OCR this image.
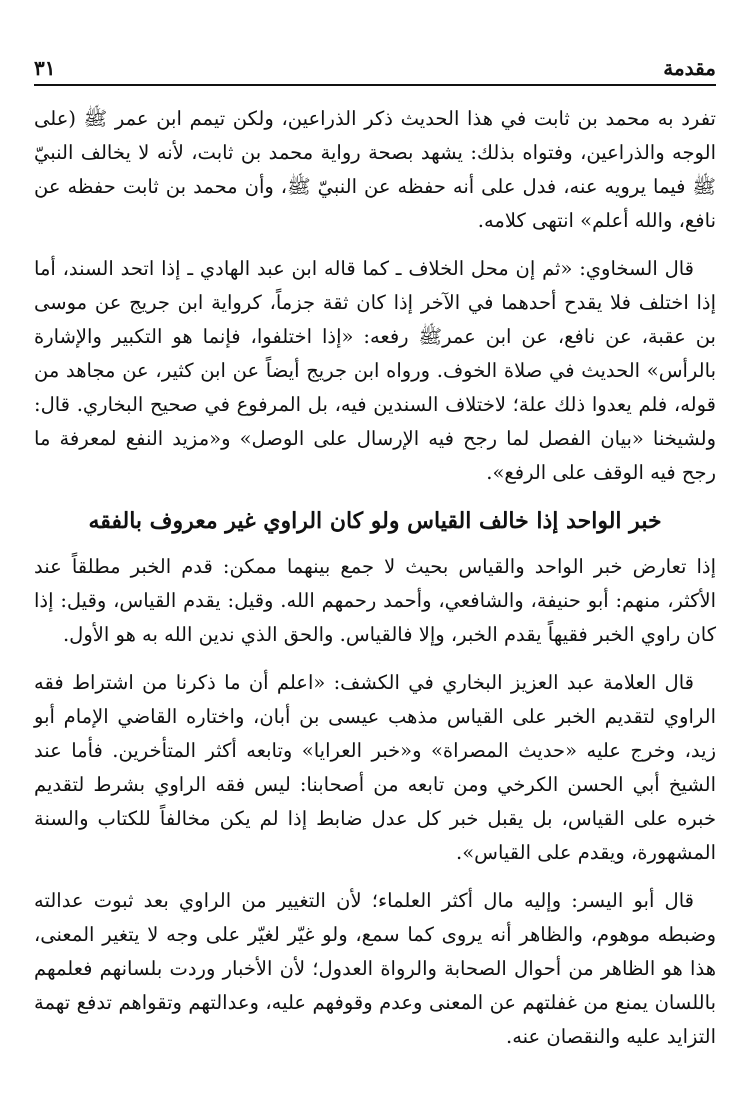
مقدمة
٣١

تفرد به محمد بن ثابت في هذا الحديث ذكر الذراعين، ولكن تيمم ابن عمر ﷺ (على الوجه والذراعين، وفتواه بذلك: يشهد بصحة رواية محمد بن ثابت، لأنه لا يخالف النبيّ ﷺ فيما يرويه عنه، فدل على أنه حفظه عن النبيّ ﷺ، وأن محمد بن ثابت حفظه عن نافع، والله أعلم» انتهى كلامه.

قال السخاوي: «ثم إن محل الخلاف ـ كما قاله ابن عبد الهادي ـ إذا اتحد السند، أما إذا اختلف فلا يقدح أحدهما في الآخر إذا كان ثقة جزماً، كرواية ابن جريج عن موسى بن عقبة، عن نافع، عن ابن عمرﷺ رفعه: «إذا اختلفوا، فإنما هو التكبير والإشارة بالرأس» الحديث في صلاة الخوف. ورواه ابن جريج أيضاً عن ابن كثير، عن مجاهد من قوله، فلم يعدوا ذلك علة؛ لاختلاف السندين فيه، بل المرفوع في صحيح البخاري. قال: ولشيخنا «بيان الفصل لما رجح فيه الإرسال على الوصل» و«مزيد النفع لمعرفة ما رجح فيه الوقف على الرفع».

خبر الواحد إذا خالف القياس ولو كان الراوي غير معروف بالفقه

إذا تعارض خبر الواحد والقياس بحيث لا جمع بينهما ممكن: قدم الخبر مطلقاً عند الأكثر، منهم: أبو حنيفة، والشافعي، وأحمد رحمهم الله. وقيل: يقدم القياس، وقيل: إذا كان راوي الخبر فقيهاً يقدم الخبر، وإلا فالقياس. والحق الذي ندين الله به هو الأول.

قال العلامة عبد العزيز البخاري في الكشف: «اعلم أن ما ذكرنا من اشتراط فقه الراوي لتقديم الخبر على القياس مذهب عيسى بن أبان، واختاره القاضي الإمام أبو زيد، وخرج عليه «حديث المصراة» و«خبر العرايا» وتابعه أكثر المتأخرين. فأما عند الشيخ أبي الحسن الكرخي ومن تابعه من أصحابنا: ليس فقه الراوي بشرط لتقديم خبره على القياس، بل يقبل خبر كل عدل ضابط إذا لم يكن مخالفاً للكتاب والسنة المشهورة، ويقدم على القياس».

قال أبو اليسر: وإليه مال أكثر العلماء؛ لأن التغيير من الراوي بعد ثبوت عدالته وضبطه موهوم، والظاهر أنه يروى كما سمع، ولو غيّر لغيّر على وجه لا يتغير المعنى، هذا هو الظاهر من أحوال الصحابة والرواة العدول؛ لأن الأخبار وردت بلسانهم فعلمهم باللسان يمنع من غفلتهم عن المعنى وعدم وقوفهم عليه، وعدالتهم وتقواهم تدفع تهمة التزايد عليه والنقصان عنه.
